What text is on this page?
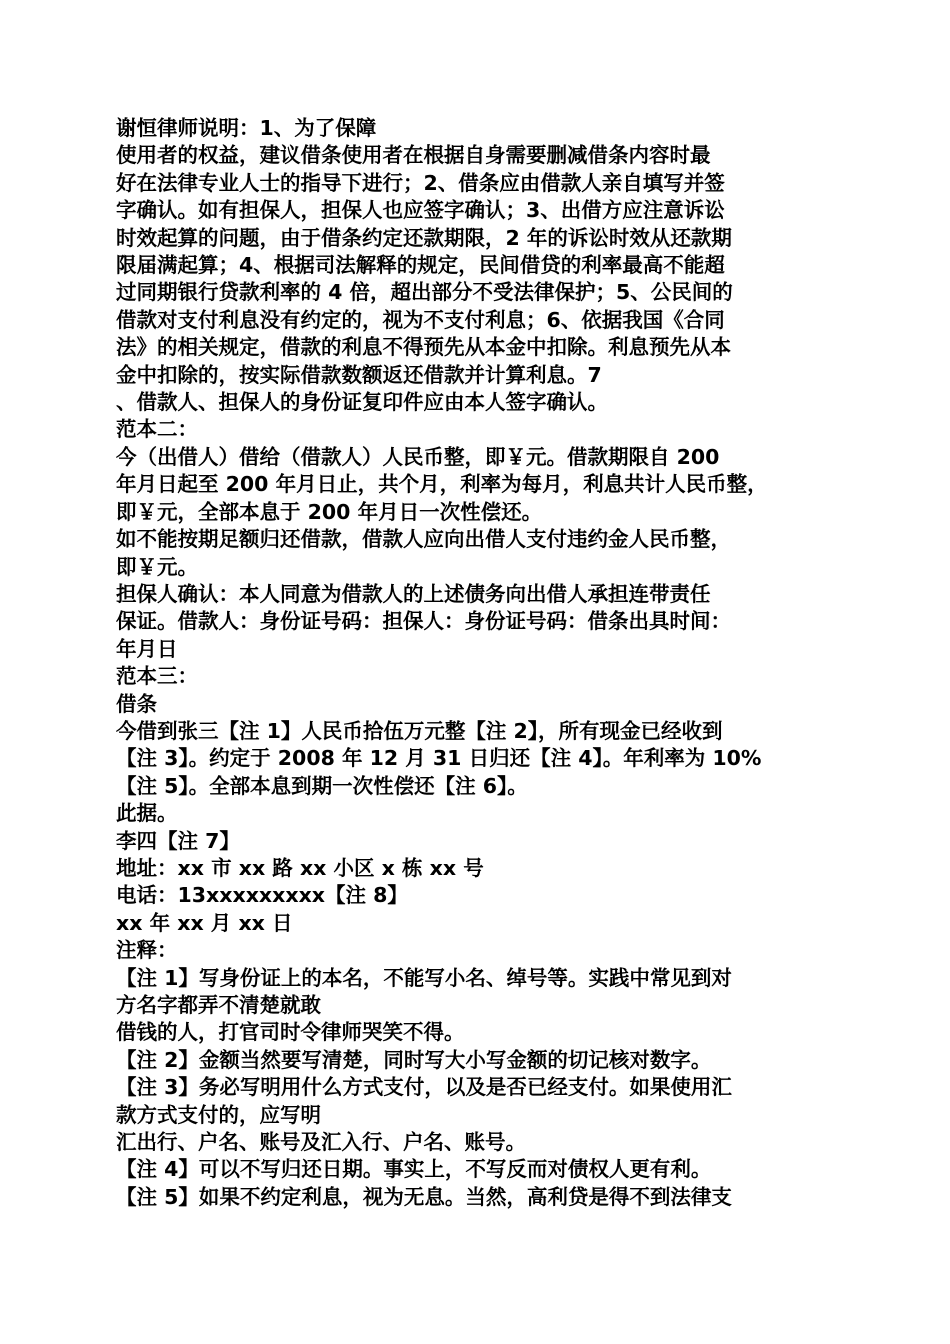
谢恒律师说明：1、为了保障
使用者的权益，建议借条使用者在根据自身需要删减借条内容时最
好在法律专业人士的指导下进行；2、借条应由借款人亲自填写并签
字确认。如有担保人，担保人也应签字确认；3、出借方应注意诉讼
时效起算的问题，由于借条约定还款期限，2 年的诉讼时效从还款期
限届满起算；4、根据司法解释的规定，民间借贷的利率最高不能超
过同期银行贷款利率的 4 倍，超出部分不受法律保护；5、公民间的
借款对支付利息没有约定的，视为不支付利息；6、依据我国《合同
法》的相关规定，借款的利息不得预先从本金中扣除。利息预先从本
金中扣除的，按实际借款数额返还借款并计算利息。7
、借款人、担保人的身份证复印件应由本人签字确认。
范本二：
今（出借人）借给（借款人）人民币整，即￥元。借款期限自 200
年月日起至 200 年月日止，共个月，利率为每月，利息共计人民币整，
即￥元，全部本息于 200 年月日一次性偿还。
如不能按期足额归还借款，借款人应向出借人支付违约金人民币整，
即￥元。
担保人确认：本人同意为借款人的上述债务向出借人承担连带责任
保证。借款人：身份证号码：担保人：身份证号码：借条出具时间：
年月日
范本三：
借条
今借到张三【注 1】人民币拾伍万元整【注 2】，所有现金已经收到
【注 3】。约定于 2008 年 12 月 31 日归还【注 4】。年利率为 10%
【注 5】。全部本息到期一次性偿还【注 6】。
此据。
李四【注 7】
地址：xx 市 xx 路 xx 小区 x 栋 xx 号
电话：13xxxxxxxxx【注 8】
xx 年 xx 月 xx 日
注释：
【注 1】写身份证上的本名，不能写小名、绰号等。实践中常见到对
方名字都弄不清楚就敢
借钱的人，打官司时令律师哭笑不得。
【注 2】金额当然要写清楚，同时写大小写金额的切记核对数字。
【注 3】务必写明用什么方式支付，以及是否已经支付。如果使用汇
款方式支付的，应写明
汇出行、户名、账号及汇入行、户名、账号。
【注 4】可以不写归还日期。事实上，不写反而对债权人更有利。
【注 5】如果不约定利息，视为无息。当然，高利贷是得不到法律支
